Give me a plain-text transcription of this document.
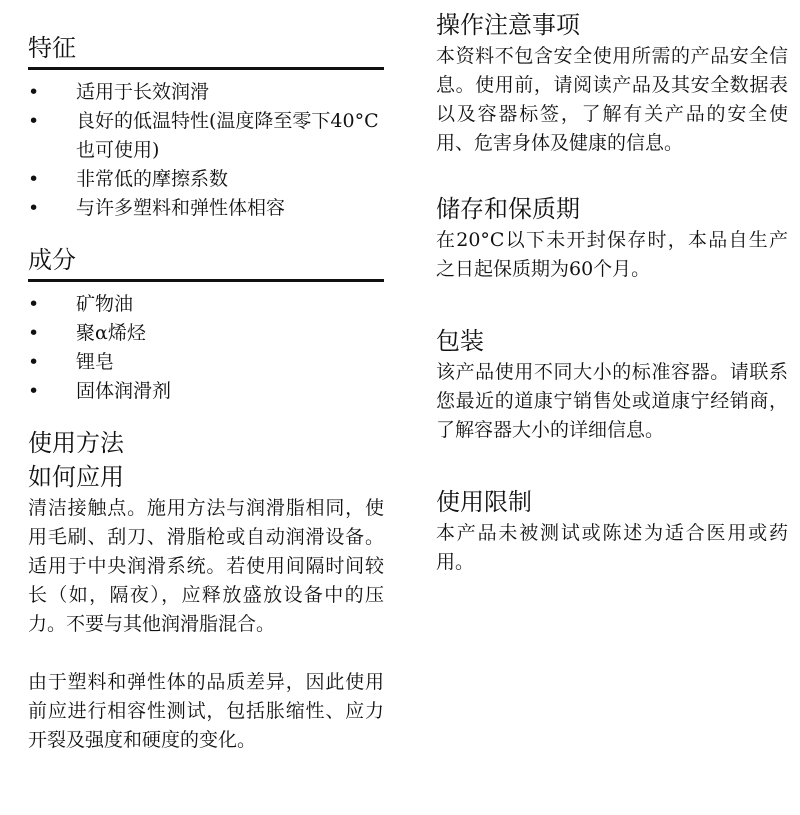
特征
• 适用于长效润滑
• 良好的低温特性(温度降至零下40°C也可使用)
• 非常低的摩擦系数
• 与许多塑料和弹性体相容
成分
• 矿物油
• 聚α烯烃
• 锂皂
• 固体润滑剂
使用方法
如何应用

清洁接触点。施用方法与润滑脂相同，使用毛刷、刮刀、滑脂枪或自动润滑设备。适用于中央润滑系统。若使用间隔时间较长（如，隔夜），应释放盛放设备中的压力。不要与其他润滑脂混合。

由于塑料和弹性体的品质差异，因此使用前应进行相容性测试，包括胀缩性、应力开裂及强度和硬度的变化。

操作注意事项

本资料不包含安全使用所需的产品安全信息。使用前，请阅读产品及其安全数据表以及容器标签，了解有关产品的安全使用、危害身体及健康的信息。

储存和保质期

在20°C以下未开封保存时，本品自生产之日起保质期为60个月。

包装

该产品使用不同大小的标准容器。请联系您最近的道康宁销售处或道康宁经销商，了解容器大小的详细信息。

使用限制

本产品未被测试或陈述为适合医用或药用。
